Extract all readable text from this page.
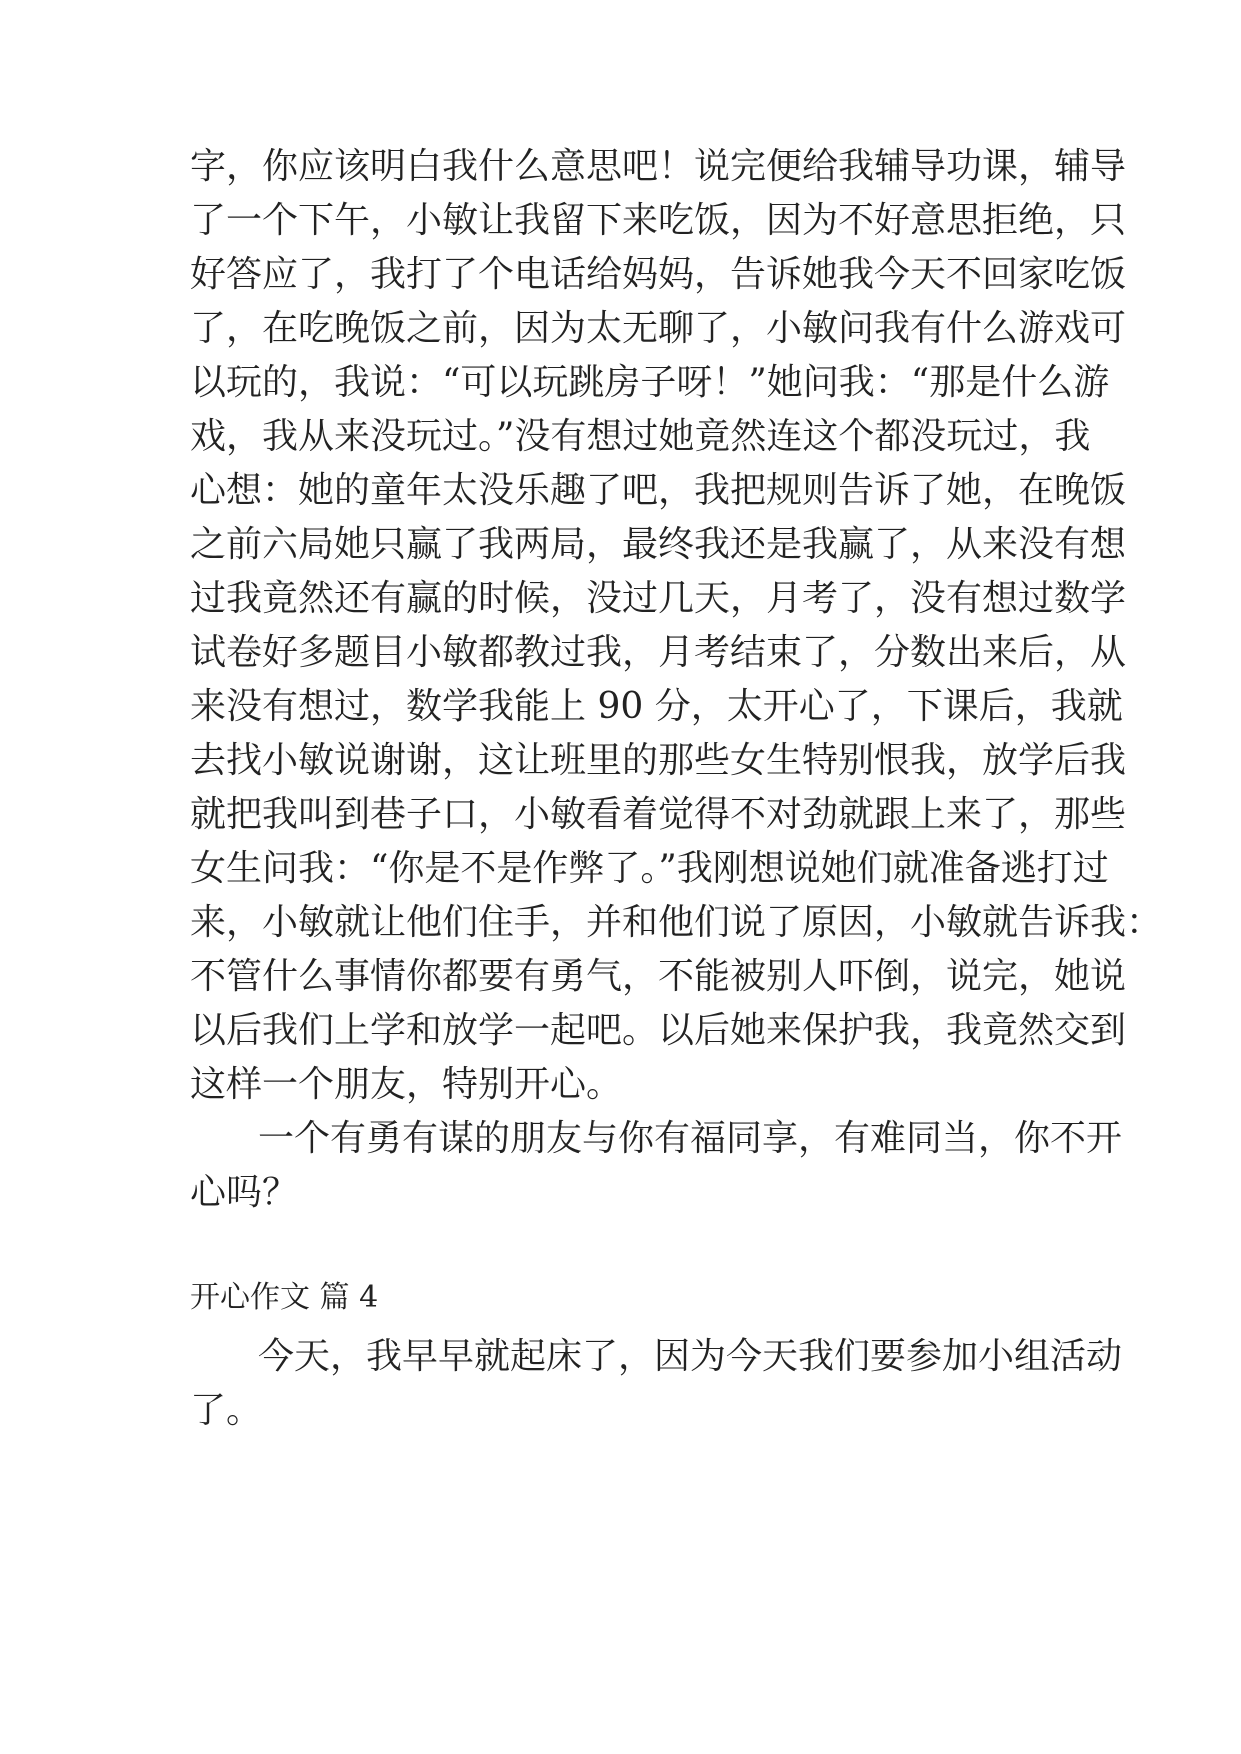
字，你应该明白我什么意思吧！说完便给我辅导功课，辅导
了一个下午，小敏让我留下来吃饭，因为不好意思拒绝，只
好答应了，我打了个电话给妈妈，告诉她我今天不回家吃饭
了，在吃晚饭之前，因为太无聊了，小敏问我有什么游戏可
以玩的，我说：“可以玩跳房子呀！”她问我：“那是什么游
戏，我从来没玩过。”没有想过她竟然连这个都没玩过，我
心想：她的童年太没乐趣了吧，我把规则告诉了她，在晚饭
之前六局她只赢了我两局，最终我还是我赢了，从来没有想
过我竟然还有赢的时候，没过几天，月考了，没有想过数学
试卷好多题目小敏都教过我，月考结束了，分数出来后，从
来没有想过，数学我能上 90 分，太开心了，下课后，我就
去找小敏说谢谢，这让班里的那些女生特别恨我，放学后我
就把我叫到巷子口，小敏看着觉得不对劲就跟上来了，那些
女生问我：“你是不是作弊了。”我刚想说她们就准备逃打过
来，小敏就让他们住手，并和他们说了原因，小敏就告诉我：
不管什么事情你都要有勇气，不能被别人吓倒，说完，她说
以后我们上学和放学一起吧。以后她来保护我，我竟然交到
这样一个朋友，特别开心。
一个有勇有谋的朋友与你有福同享，有难同当，你不开
心吗？
开心作文 篇 4
今天，我早早就起床了，因为今天我们要参加小组活动
了。
